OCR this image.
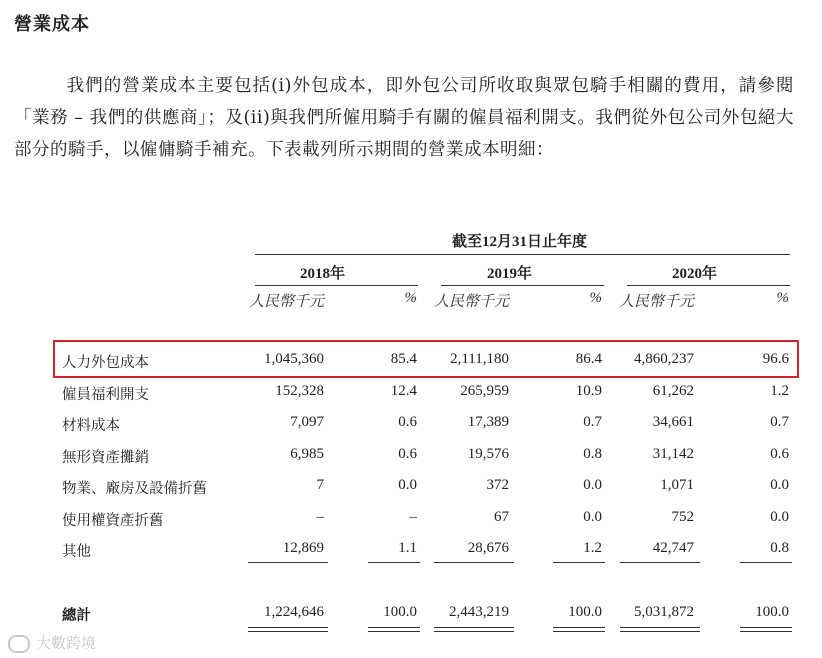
營業成本

我們的營業成本主要包括(i)外包成本，即外包公司所收取與眾包騎手相關的費用，請參閱「業務 – 我們的供應商」；及(ii)與我們所僱用騎手有關的僱員福利開支。我們從外包公司外包絕大部分的騎手，以僱傭騎手補充。下表載列所示期間的營業成本明細：

截至12月31日止年度
2018年	2019年	2020年
人民幣千元	% 人民幣千元	% 人民幣千元	%
人力外包成本	1,045,360	85.4 2,111,180	86.4 4,860,237	96.6
僱員福利開支	152,328	12.4	265,959	10.9	61,262	1.2
材料成本	7,097	0.6	17,389	0.7	34,661	0.7
無形資產攤銷	6,985	0.6	19,576	0.8	31,142	0.6
物業、廠房及設備折舊	7	0.0	372	0.0	1,071	0.0
使用權資產折舊	–	–	67	0.0	752	0.0
其他	12,869	1.1	28,676	1.2	42,747	0.8
總計	1,224,646	100.0 2,443,219	100.0 5,031,872	100.0
大數跨境
